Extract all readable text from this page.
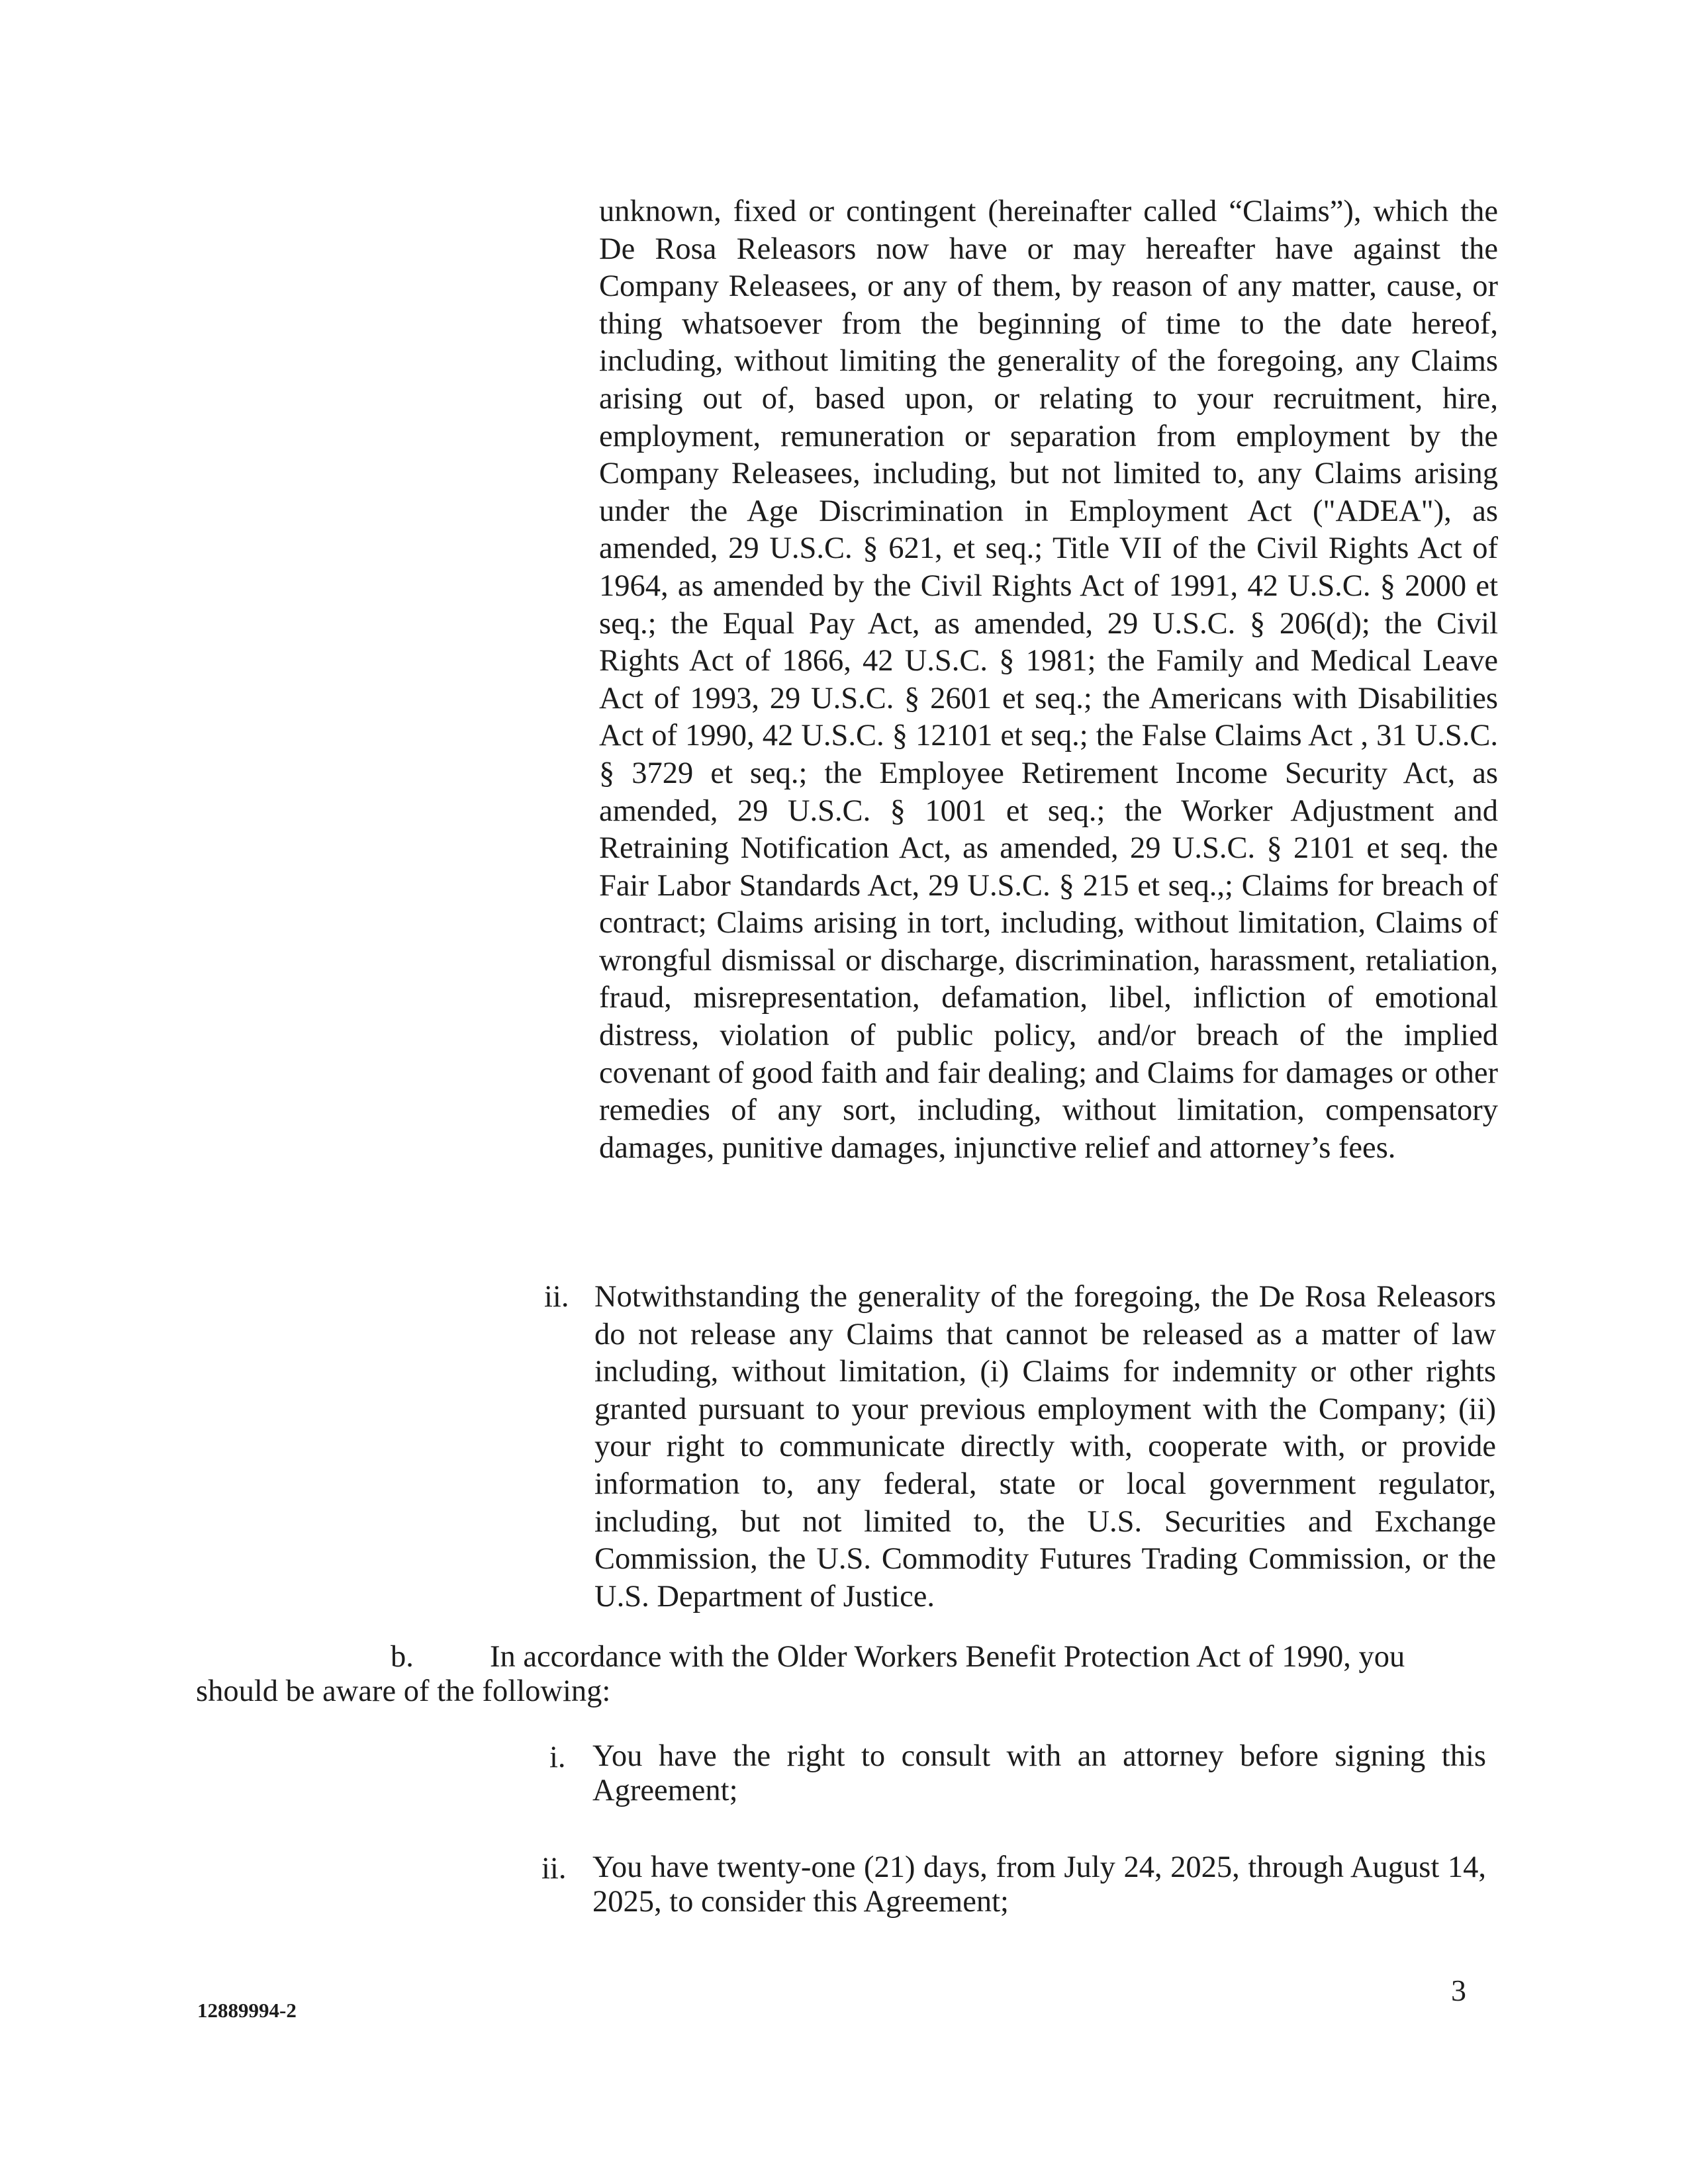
unknown, fixed or contingent (hereinafter called “Claims”), which the De Rosa Releasors now have or may hereafter have against the Company Releasees, or any of them, by reason of any matter, cause, or thing whatsoever from the beginning of time to the date hereof, including, without limiting the generality of the foregoing, any Claims arising out of, based upon, or relating to your recruitment, hire, employment, remuneration or separation from employment by the Company Releasees, including, but not limited to, any Claims arising under the Age Discrimination in Employment Act ("ADEA"), as amended, 29 U.S.C. § 621, et seq.; Title VII of the Civil Rights Act of 1964, as amended by the Civil Rights Act of 1991, 42 U.S.C. § 2000 et seq.; the Equal Pay Act, as amended, 29 U.S.C. § 206(d); the Civil Rights Act of 1866, 42 U.S.C. § 1981; the Family and Medical Leave Act of 1993, 29 U.S.C. § 2601 et seq.; the Americans with Disabilities Act of 1990, 42 U.S.C. § 12101 et seq.; the False Claims Act , 31 U.S.C. § 3729 et seq.; the Employee Retirement Income Security Act, as amended, 29 U.S.C. § 1001 et seq.; the Worker Adjustment and Retraining Notification Act, as amended, 29 U.S.C. § 2101 et seq. the Fair Labor Standards Act, 29 U.S.C. § 215 et seq.,; Claims for breach of contract; Claims arising in tort, including, without limitation, Claims of wrongful dismissal or discharge, discrimination, harassment, retaliation, fraud, misrepresentation, defamation, libel, infliction of emotional distress, violation of public policy, and/or breach of the implied covenant of good faith and fair dealing; and Claims for damages or other remedies of any sort, including, without limitation, compensatory damages, punitive damages, injunctive relief and attorney’s fees.

ii. Notwithstanding the generality of the foregoing, the De Rosa Releasors do not release any Claims that cannot be released as a matter of law including, without limitation, (i) Claims for indemnity or other rights granted pursuant to your previous employment with the Company; (ii) your right to communicate directly with, cooperate with, or provide information to, any federal, state or local government regulator, including, but not limited to, the U.S. Securities and Exchange Commission, the U.S. Commodity Futures Trading Commission, or the U.S. Department of Justice.

b. In accordance with the Older Workers Benefit Protection Act of 1990, you
should be aware of the following:
i. You have the right to consult with an attorney before signing this Agreement;

ii. You have twenty-one (21) days, from July 24, 2025, through August 14, 2025, to consider this Agreement;

3
12889994-2
